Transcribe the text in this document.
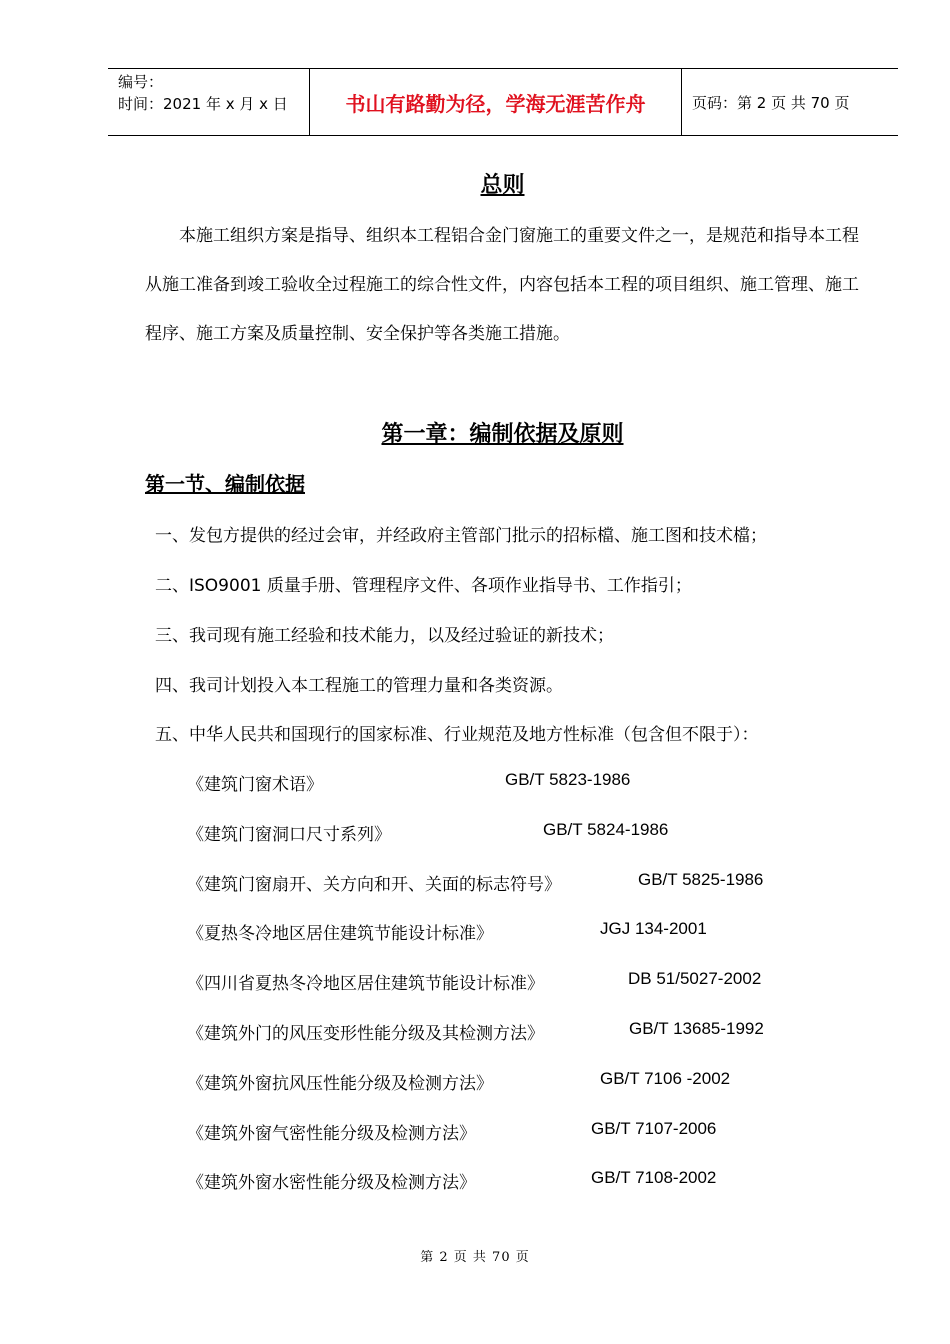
编号：
时间：2021 年 x 月 x 日	书山有路勤为径，学海无涯苦作舟	页码：第 2 页 共 70 页
总则
本施工组织方案是指导、组织本工程铝合金门窗施工的重要文件之一，是规范和指导本工程从施工准备到竣工验收全过程施工的综合性文件，内容包括本工程的项目组织、施工管理、施工程序、施工方案及质量控制、安全保护等各类施工措施。
第一章：编制依据及原则
第一节、编制依据
一、发包方提供的经过会审，并经政府主管部门批示的招标檔、施工图和技术檔；
二、ISO9001 质量手册、管理程序文件、各项作业指导书、工作指引；
三、我司现有施工经验和技术能力，以及经过验证的新技术；
四、我司计划投入本工程施工的管理力量和各类资源。
五、中华人民共和国现行的国家标准、行业规范及地方性标准（包含但不限于）：
《建筑门窗术语》	GB/T 5823-1986
《建筑门窗洞口尺寸系列》	GB/T 5824-1986
《建筑门窗扇开、关方向和开、关面的标志符号》	GB/T 5825-1986
《夏热冬冷地区居住建筑节能设计标准》	JGJ 134-2001
《四川省夏热冬冷地区居住建筑节能设计标准》	DB 51/5027-2002
《建筑外门的风压变形性能分级及其检测方法》	GB/T 13685-1992
《建筑外窗抗风压性能分级及检测方法》	GB/T 7106 -2002
《建筑外窗气密性能分级及检测方法》	GB/T 7107-2006
《建筑外窗水密性能分级及检测方法》	GB/T 7108-2002
第 2 页 共 70 页
